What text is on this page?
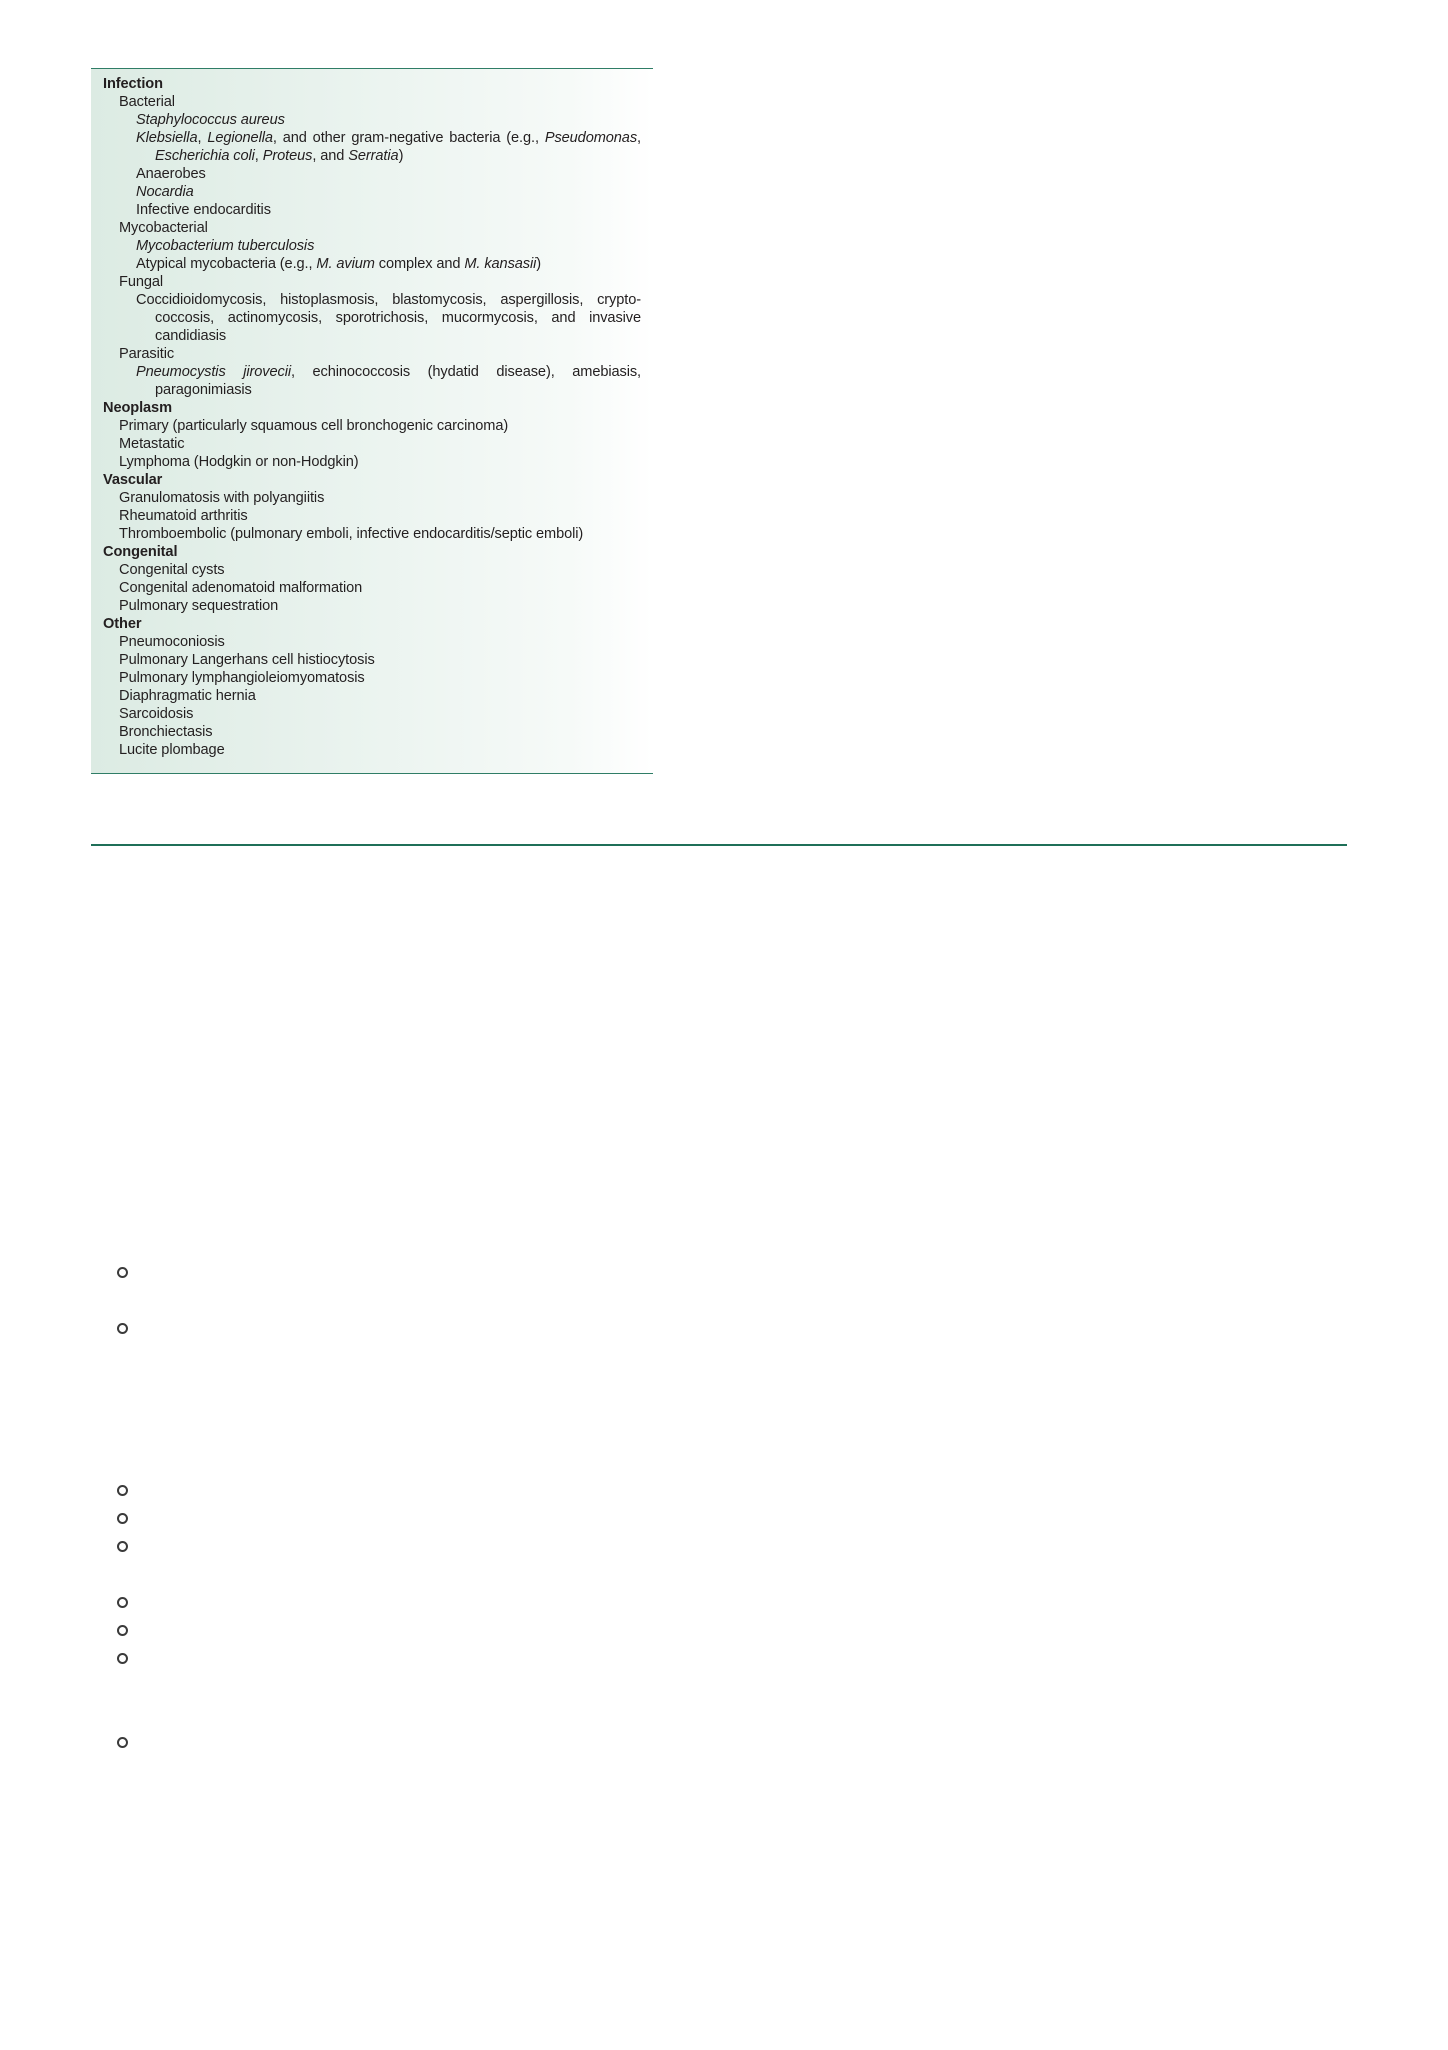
Infection
Bacterial
Staphylococcus aureus
Klebsiella, Legionella, and other gram-negative bacteria (e.g., Pseudomonas,
Escherichia coli, Proteus, and Serratia)
Anaerobes
Nocardia
Infective endocarditis
Mycobacterial
Mycobacterium tuberculosis
Atypical mycobacteria (e.g., M. avium complex and M. kansasii)
Fungal
Coccidioidomycosis, histoplasmosis, blastomycosis, aspergillosis, crypto-
coccosis, actinomycosis, sporotrichosis, mucormycosis, and invasive
candidiasis
Parasitic
Pneumocystis jirovecii, echinococcosis (hydatid disease), amebiasis,
paragonimiasis
Neoplasm
Primary (particularly squamous cell bronchogenic carcinoma)
Metastatic
Lymphoma (Hodgkin or non-Hodgkin)
Vascular
Granulomatosis with polyangiitis
Rheumatoid arthritis
Thromboembolic (pulmonary emboli, infective endocarditis/septic emboli)
Congenital
Congenital cysts
Congenital adenomatoid malformation
Pulmonary sequestration
Other
Pneumoconiosis
Pulmonary Langerhans cell histiocytosis
Pulmonary lymphangioleiomyomatosis
Diaphragmatic hernia
Sarcoidosis
Bronchiectasis
Lucite plombage
